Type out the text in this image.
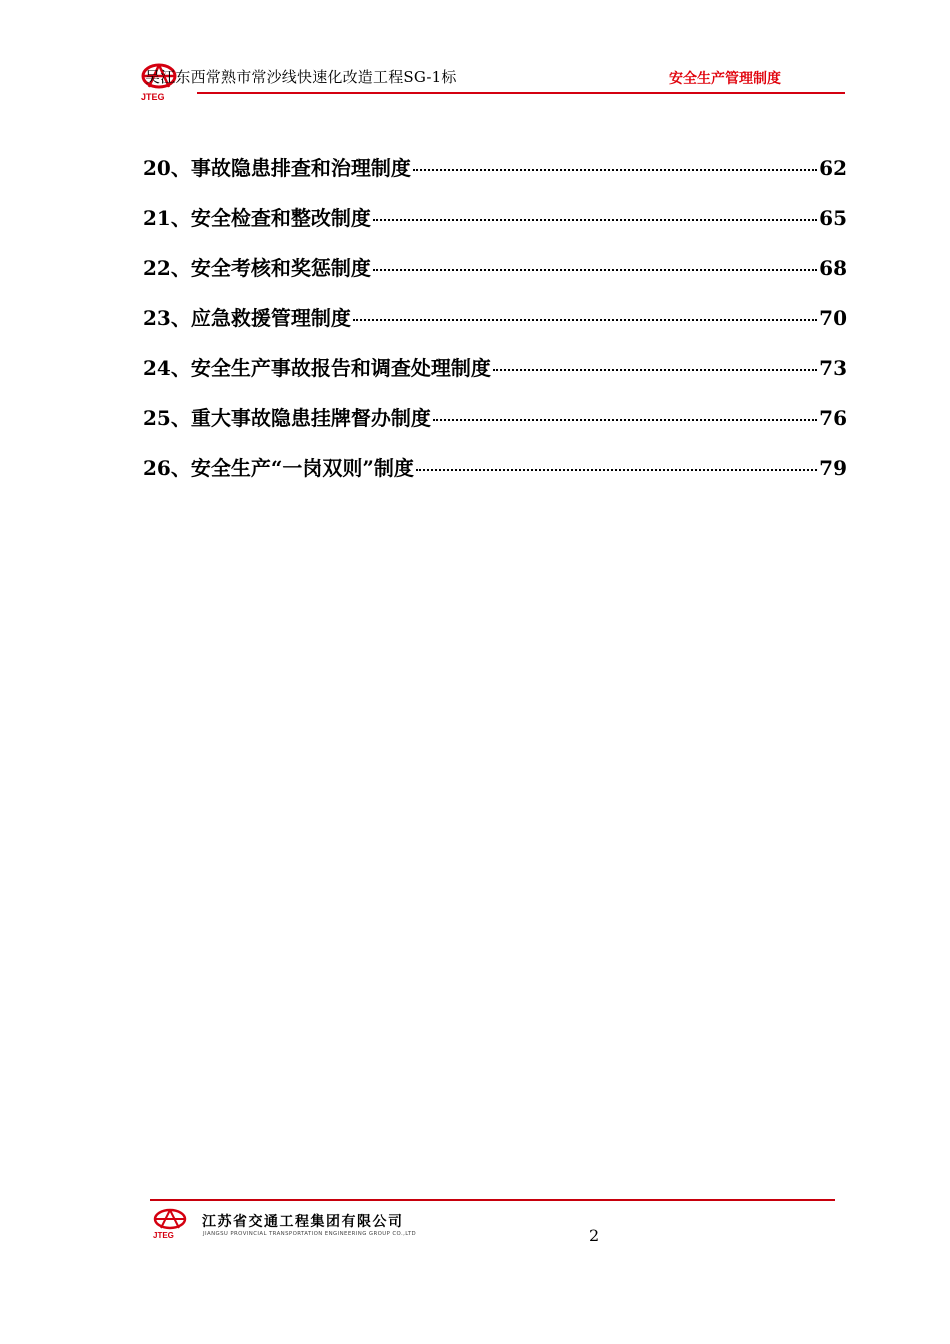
JTEG
吴江东西常熟市常沙线快速化改造工程SG-1标	安全生产管理制度
20、事故隐患排查和治理制度	62
21、安全检查和整改制度	65
22、安全考核和奖惩制度	68
23、应急救援管理制度	70
24、安全生产事故报告和调查处理制度	73
25、重大事故隐患挂牌督办制度	76
26、安全生产“一岗双则”制度	79
JTEG
江苏省交通工程集团有限公司
JIANGSU PROVINCIAL TRANSPORTATION ENGINEERING GROUP CO.,LTD	2
